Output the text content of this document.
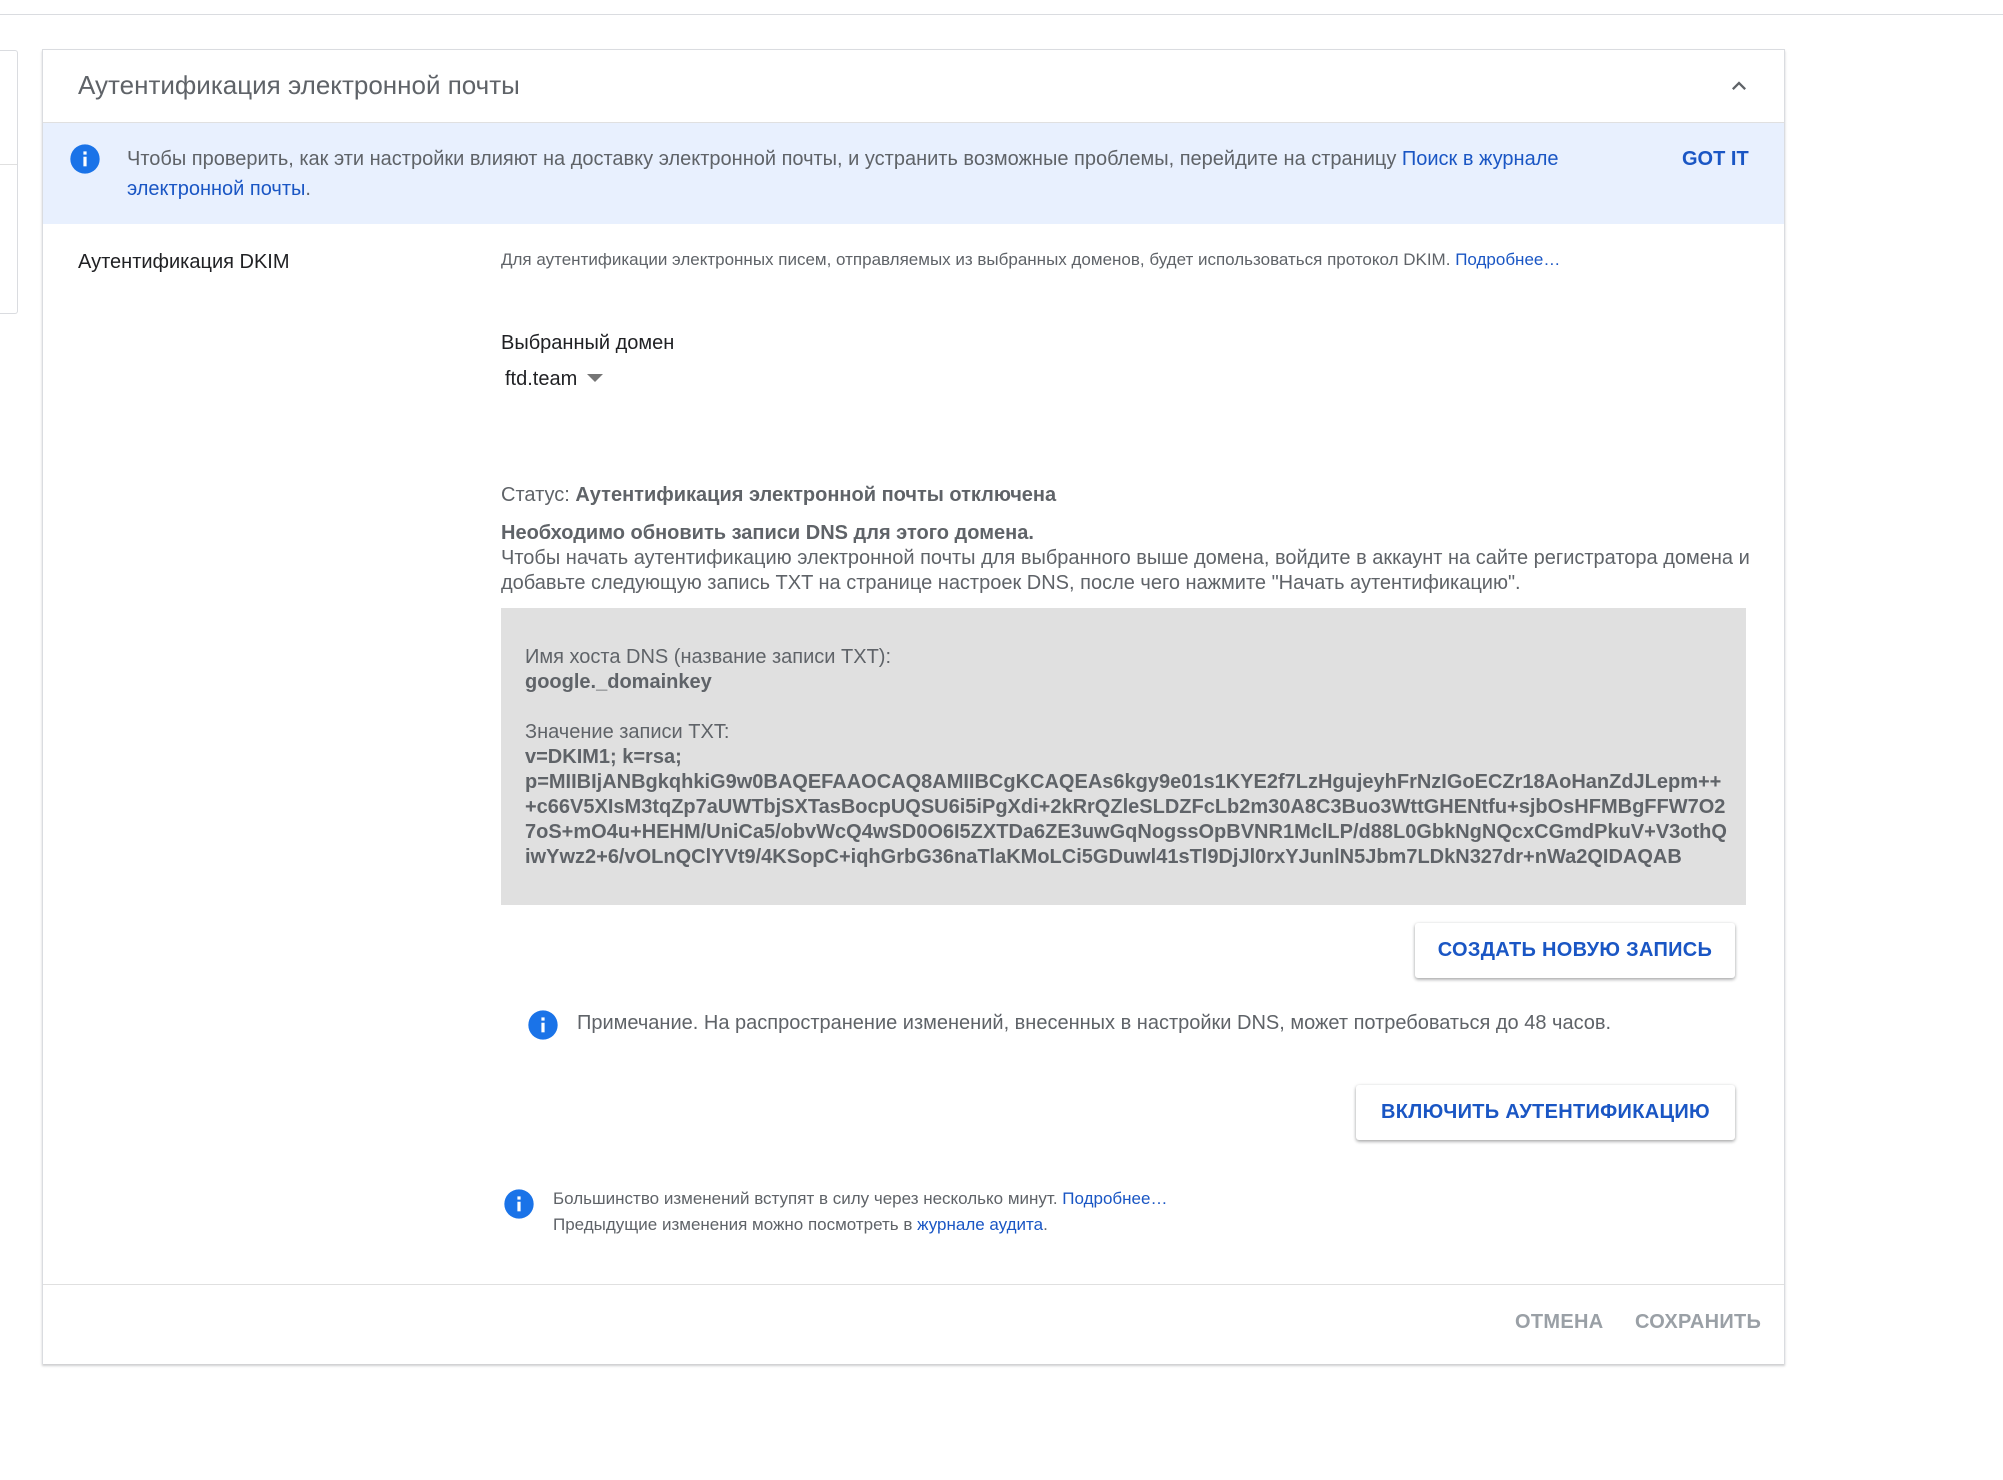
Аутентификация электронной почты
Чтобы проверить, как эти настройки влияют на доставку электронной почты, и устранить возможные проблемы, перейдите на страницу Поиск в журнале электронной почты.
GOT IT
Аутентификация DKIM	Для аутентификации электронных писем, отправляемых из выбранных доменов, будет использоваться протокол DKIM. Подробнее…
Выбранный домен
ftd.team
Статус: Аутентификация электронной почты отключена
Необходимо обновить записи DNS для этого домена.
Чтобы начать аутентификацию электронной почты для выбранного выше домена, войдите в аккаунт на сайте регистратора домена и добавьте следующую запись TXT на странице настроек DNS, после чего нажмите "Начать аутентификацию".
Имя хоста DNS (название записи TXT):
google._domainkey
Значение записи TXT:
v=DKIM1; k=rsa;
p=MIIBIjANBgkqhkiG9w0BAQEFAAOCAQ8AMIIBCgKCAQEAs6kgy9e01s1KYE2f7LzHgujeyhFrNzIGoECZr18AoHanZdJLepm+++c66V5XIsM3tqZp7aUWTbjSXTasBocpUQSU6i5iPgXdi+2kRrQZleSLDZFcLb2m30A8C3Buo3WttGHENtfu+sjbOsHFMBgFFW7O27oS+mO4u+HEHM/UniCa5/obvWcQ4wSD0O6I5ZXTDa6ZE3uwGqNogssOpBVNR1MclLP/d88L0GbkNgNQcxCGmdPkuV+V3othQiwYwz2+6/vOLnQClYVt9/4KSopC+iqhGrbG36naTlaKMoLCi5GDuwl41sTl9DjJl0rxYJunlN5Jbm7LDkN327dr+nWa2QIDAQAB
СОЗДАТЬ НОВУЮ ЗАПИСЬ
Примечание. На распространение изменений, внесенных в настройки DNS, может потребоваться до 48 часов.
ВКЛЮЧИТЬ АУТЕНТИФИКАЦИЮ
Большинство изменений вступят в силу через несколько минут. Подробнее…
Предыдущие изменения можно посмотреть в журнале аудита.
ОТМЕНА СОХРАНИТЬ
